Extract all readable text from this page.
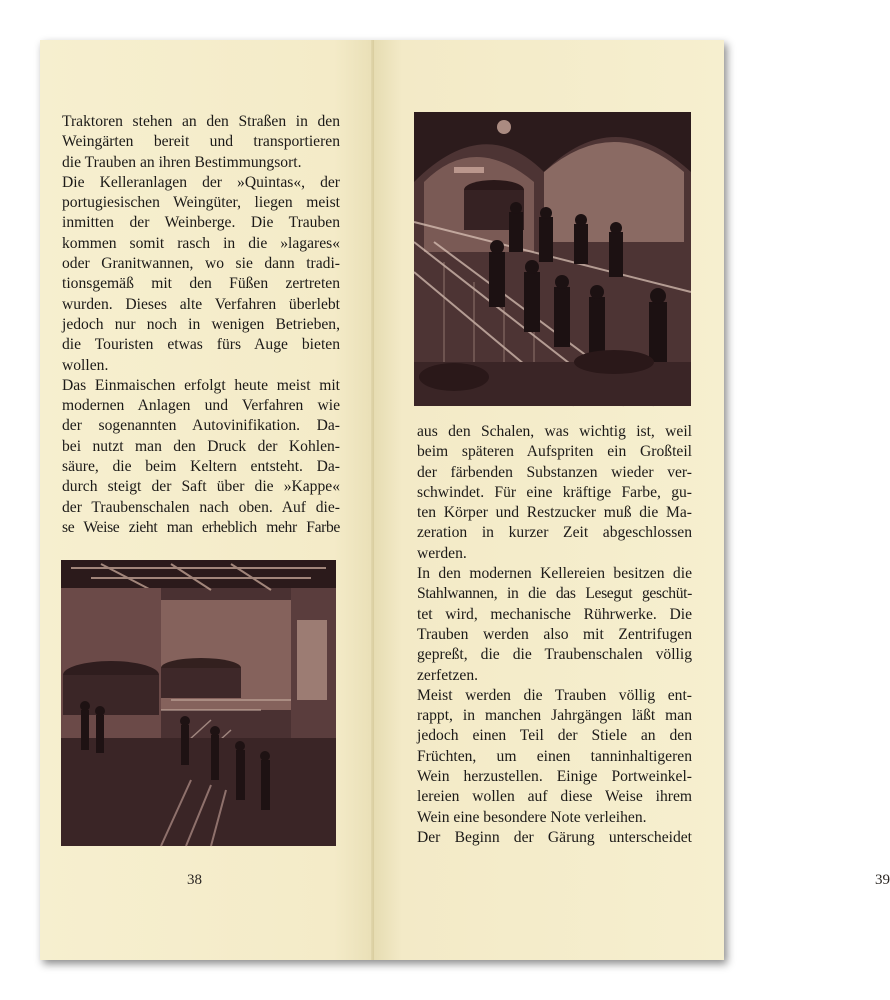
Traktoren stehen an den Straßen in den
Weingärten bereit und transportieren
die Trauben an ihren Bestimmungsort.
Die Kelleranlagen der »Quintas«, der
portugiesischen Weingüter, liegen meist
inmitten der Weinberge. Die Trauben
kommen somit rasch in die »lagares«
oder Granitwannen, wo sie dann tradi-
tionsgemäß mit den Füßen zertreten
wurden. Dieses alte Verfahren überlebt
jedoch nur noch in wenigen Betrieben,
die Touristen etwas fürs Auge bieten
wollen.
Das Einmaischen erfolgt heute meist mit
modernen Anlagen und Verfahren wie
der sogenannten Autovinifikation. Da-
bei nutzt man den Druck der Kohlen-
säure, die beim Keltern entsteht. Da-
durch steigt der Saft über die »Kappe«
der Traubenschalen nach oben. Auf die-
se Weise zieht man erheblich mehr Farbe

38

aus den Schalen, was wichtig ist, weil
beim späteren Aufspriten ein Großteil
der färbenden Substanzen wieder ver-
schwindet. Für eine kräftige Farbe, gu-
ten Körper und Restzucker muß die Ma-
zeration in kurzer Zeit abgeschlossen
werden.
In den modernen Kellereien besitzen die
Stahlwannen, in die das Lesegut geschüt-
tet wird, mechanische Rührwerke. Die
Trauben werden also mit Zentrifugen
gepreßt, die die Traubenschalen völlig
zerfetzen.
Meist werden die Trauben völlig ent-
rappt, in manchen Jahrgängen läßt man
jedoch einen Teil der Stiele an den
Früchten, um einen tanninhaltigeren
Wein herzustellen. Einige Portweinkel-
lereien wollen auf diese Weise ihrem
Wein eine besondere Note verleihen.
Der Beginn der Gärung unterscheidet

39
